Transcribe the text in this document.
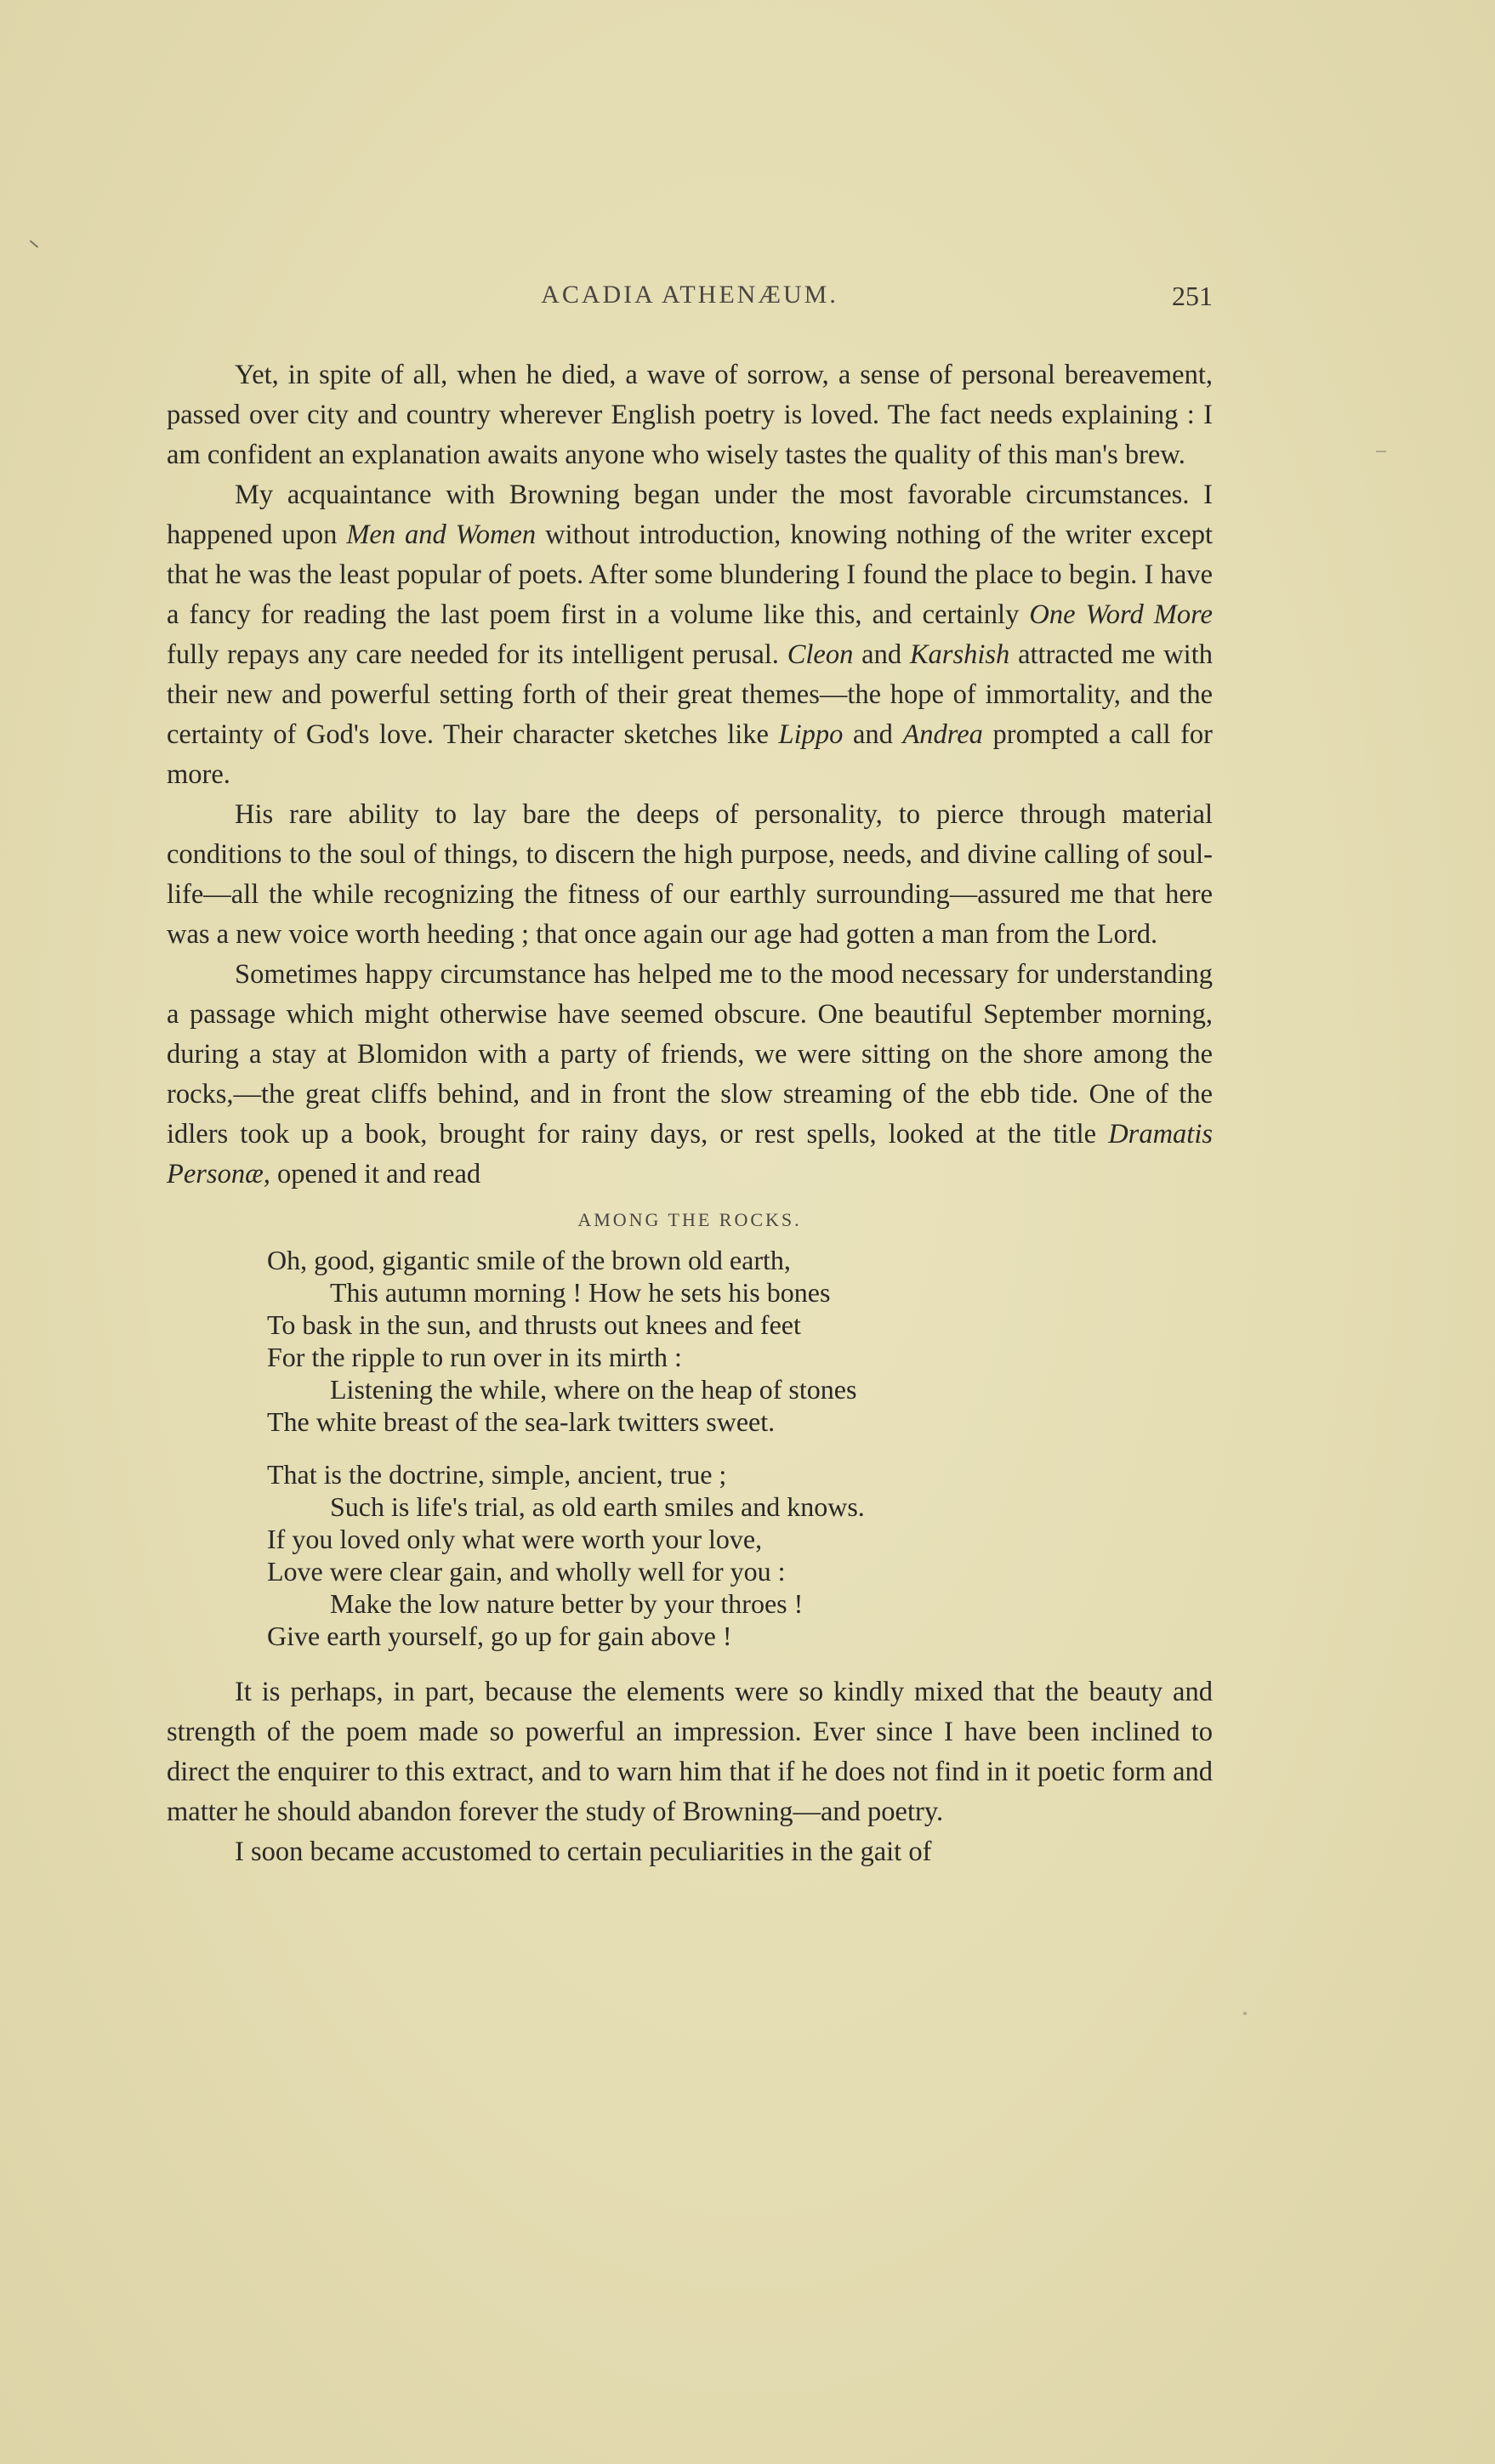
ACADIA ATHENÆUM.	251

Yet, in spite of all, when he died, a wave of sorrow, a sense of personal bereavement, passed over city and country wherever English poetry is loved. The fact needs explaining : I am confident an explanation awaits anyone who wisely tastes the quality of this man's brew.

My acquaintance with Browning began under the most favorable circumstances. I happened upon Men and Women without introduction, knowing nothing of the writer except that he was the least popular of poets. After some blundering I found the place to begin. I have a fancy for reading the last poem first in a volume like this, and certainly One Word More fully repays any care needed for its intelligent perusal. Cleon and Karshish attracted me with their new and powerful setting forth of their great themes—the hope of immortality, and the certainty of God's love. Their character sketches like Lippo and Andrea prompted a call for more.

His rare ability to lay bare the deeps of personality, to pierce through material conditions to the soul of things, to discern the high purpose, needs, and divine calling of soul-life—all the while recognizing the fitness of our earthly surrounding—assured me that here was a new voice worth heeding ; that once again our age had gotten a man from the Lord.

Sometimes happy circumstance has helped me to the mood necessary for understanding a passage which might otherwise have seemed obscure. One beautiful September morning, during a stay at Blomidon with a party of friends, we were sitting on the shore among the rocks,—the great cliffs behind, and in front the slow streaming of the ebb tide. One of the idlers took up a book, brought for rainy days, or rest spells, looked at the title Dramatis Personæ, opened it and read

AMONG THE ROCKS.
Oh, good, gigantic smile of the brown old earth,
This autumn morning ! How he sets his bones
To bask in the sun, and thrusts out knees and feet
For the ripple to run over in its mirth :
Listening the while, where on the heap of stones
The white breast of the sea-lark twitters sweet.
That is the doctrine, simple, ancient, true ;
Such is life's trial, as old earth smiles and knows.
If you loved only what were worth your love,
Love were clear gain, and wholly well for you :
Make the low nature better by your throes !
Give earth yourself, go up for gain above !

It is perhaps, in part, because the elements were so kindly mixed that the beauty and strength of the poem made so powerful an impression. Ever since I have been inclined to direct the enquirer to this extract, and to warn him that if he does not find in it poetic form and matter he should abandon forever the study of Browning—and poetry.

I soon became accustomed to certain peculiarities in the gait of
